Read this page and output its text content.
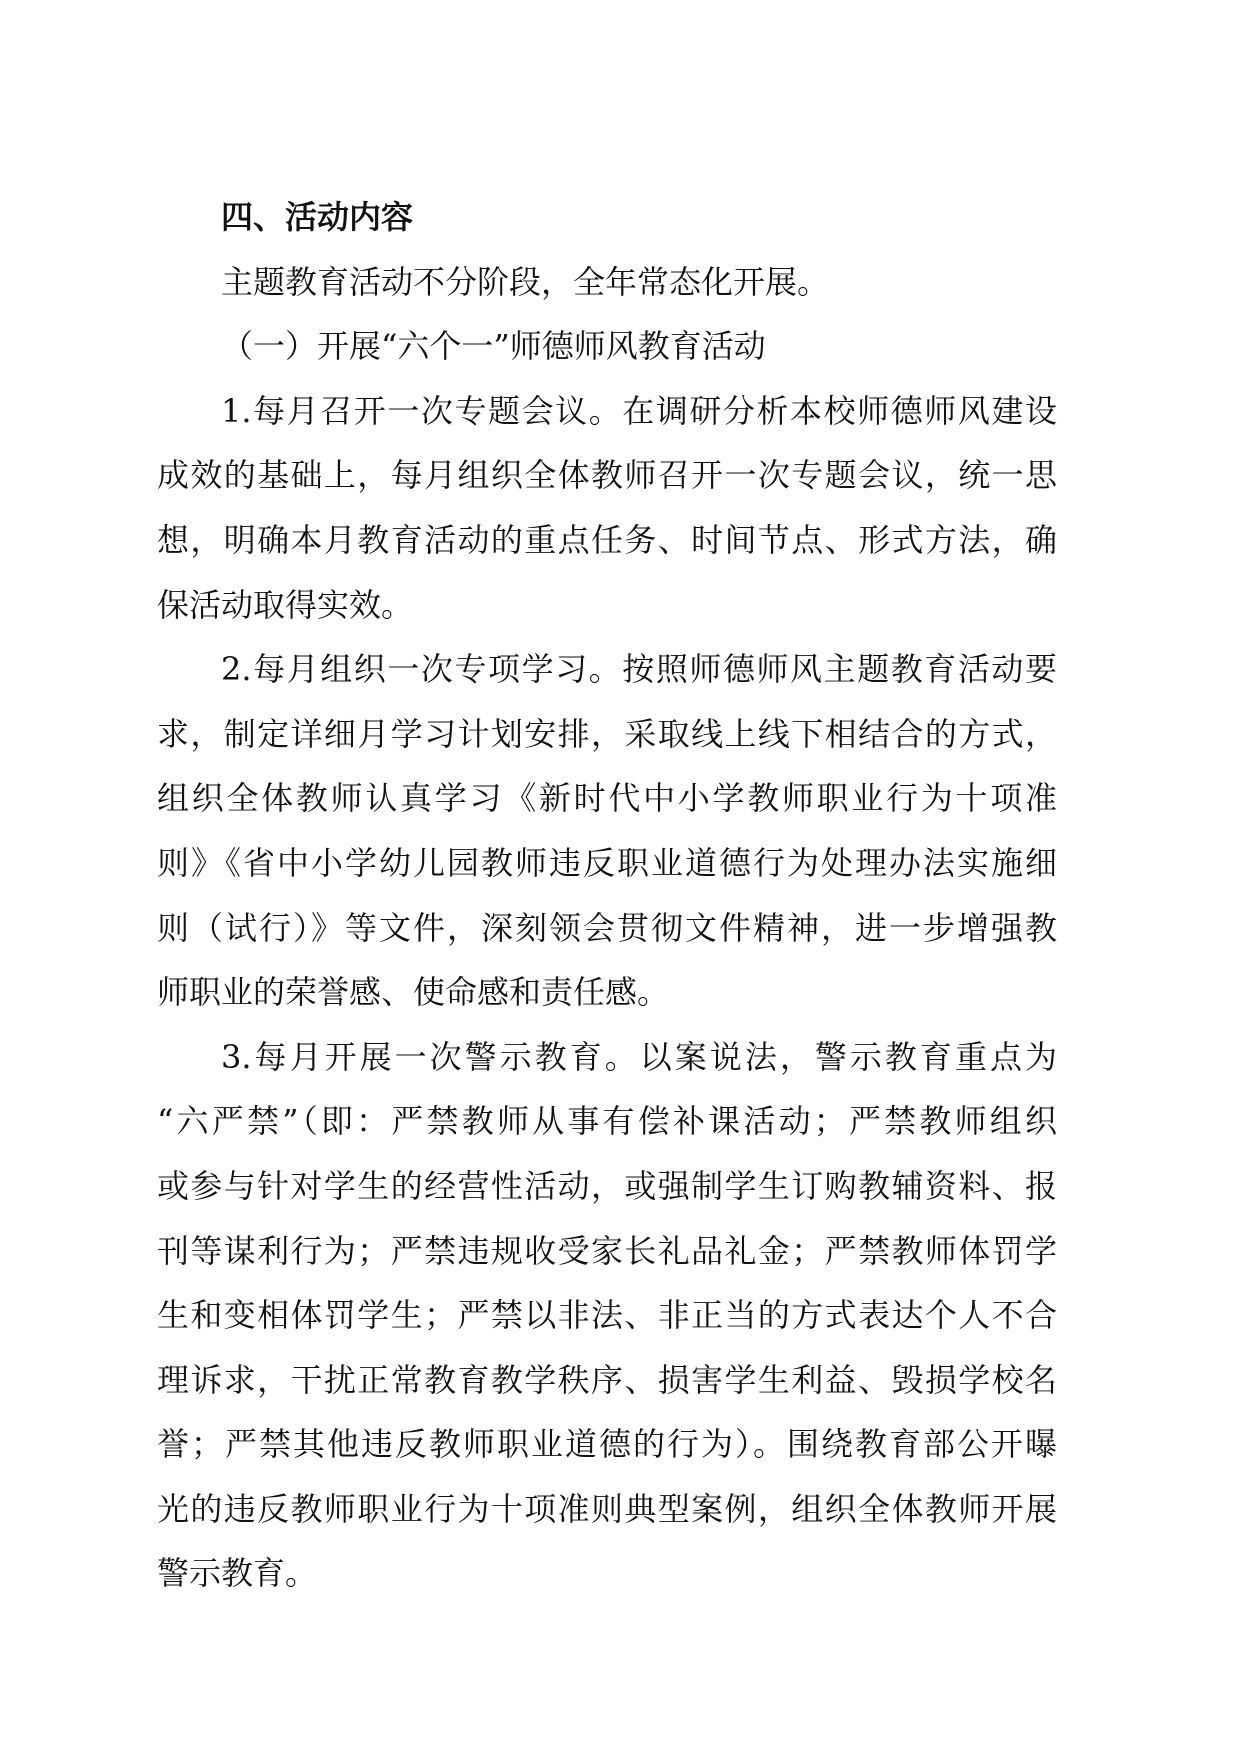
四、活动内容
主题教育活动不分阶段，全年常态化开展。
（一）开展“六个一”师德师风教育活动
1.每月召开一次专题会议。在调研分析本校师德师风建设
成效的基础上，每月组织全体教师召开一次专题会议，统一思
想，明确本月教育活动的重点任务、时间节点、形式方法，确
保活动取得实效。
2.每月组织一次专项学习。按照师德师风主题教育活动要
求，制定详细月学习计划安排，采取线上线下相结合的方式，
组织全体教师认真学习《新时代中小学教师职业行为十项准
则》《省中小学幼儿园教师违反职业道德行为处理办法实施细
则（试行）》等文件，深刻领会贯彻文件精神，进一步增强教
师职业的荣誉感、使命感和责任感。
3.每月开展一次警示教育。以案说法，警示教育重点为
“六严禁”（即：严禁教师从事有偿补课活动；严禁教师组织
或参与针对学生的经营性活动，或强制学生订购教辅资料、报
刊等谋利行为；严禁违规收受家长礼品礼金；严禁教师体罚学
生和变相体罚学生；严禁以非法、非正当的方式表达个人不合
理诉求，干扰正常教育教学秩序、损害学生利益、毁损学校名
誉；严禁其他违反教师职业道德的行为）。围绕教育部公开曝
光的违反教师职业行为十项准则典型案例，组织全体教师开展
警示教育。
